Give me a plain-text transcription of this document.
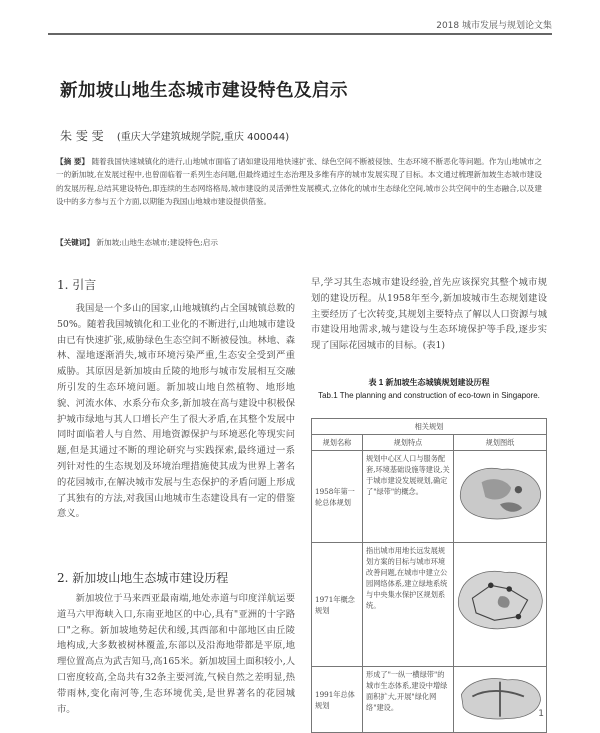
2018 城市发展与规划论文集
新加坡山地生态城市建设特色及启示
朱 雯 雯 (重庆大学建筑城规学院,重庆 400044)
【摘 要】 随着我国快速城镇化的进行,山地城市面临了诸如建设用地快速扩张、绿色空间不断被侵蚀、生态环境不断恶化等问题。作为山地城市之一的新加坡,在发展过程中,也曾面临着一系列生态问题,但最终通过生态治理及多维有序的城市发展实现了目标。本文通过梳理新加坡生态城市建设的发展历程,总结其建设特色,即连续的生态网络格局,城市建设的灵活弹性发展模式,立体化的城市生态绿化空间,城市公共空间中的生态融合,以及建设中的多方参与五个方面,以期能为我国山地城市建设提供借鉴。
【关键词】 新加坡;山地生态城市;建设特色;启示
1. 引言

我国是一个多山的国家,山地城镇约占全国城镇总数的50%。随着我国城镇化和工业化的不断进行,山地城市建设由已有快速扩张,威胁绿色生态空间不断被侵蚀。林地、森林、湿地逐渐消失,城市环境污染严重,生态安全受到严重威胁。其原因是新加坡由丘陵的地形与城市发展相互交融所引发的生态环境问题。新加坡山地自然植物、地形地貌、河流水体、水系分布众多,新加坡在高与建设中积极保护城市绿地与其人口增长产生了很大矛盾,在其整个发展中同时面临着人与自然、用地资源保护与环境恶化等现实问题,但是其通过不断的理论研究与实践探索,最终通过一系列针对性的生态规划及环境治理措施使其成为世界上著名的花园城市,在解决城市发展与生态保护的矛盾问题上形成了其独有的方法,对我国山地城市生态建设具有一定的借鉴意义。

2. 新加坡山地生态城市建设历程

新加坡位于马来西亚最南端,地处赤道与印度洋航运要道马六甲海峡入口,东南亚地区的中心,具有"亚洲的十字路口"之称。新加坡地势起伏和缓,其西部和中部地区由丘陵地构成,大多数被树林覆盖,东部以及沿海地带都是平原,地理位置高点为武吉知马,高165米。新加坡国土面积较小,人口密度较高,全岛共有32条主要河流,气候自然之差明显,热带雨林,变化南河等,生态环境优美,是世界著名的花园城市。

早,学习其生态城市建设经验,首先应该探究其整个城市规划的建设历程。从1958年至今,新加坡城市生态规划建设主要经历了七次转变,其规划主要特点了解以人口资源与城市建设用地需求,城与建设与生态环境保护等手段,逐步实现了国际花园城市的目标。(表1)

表 1 新加坡生态城镇规划建设历程
Tab.1 The planning and construction of eco-town in Singapore.
相关规划		
规划名称	规划特点	规划图纸
1958年第一轮总体规划	规划中心区人口与服务配套,环境基础设施等建设,关于城市建设发展规划,确定了"绿带"的概念。	
1971年概念规划	指出城市用地长远发展规划方案的目标与城市环境改善问题,在城市中建立公园网络体系,建立绿地系统与中央集水保护区规划系统。	
1991年总体规划	形成了"一纵一横绿带"的城市生态体系,建设中增绿面积扩大,开展"绿化网络"建设。	
1
